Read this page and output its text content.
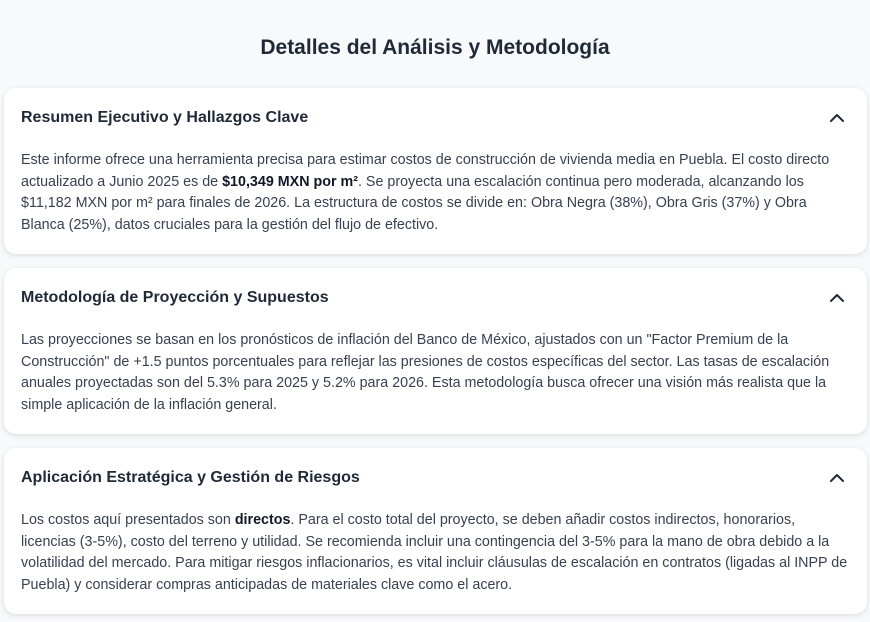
Detalles del Análisis y Metodología
Resumen Ejecutivo y Hallazgos Clave

Este informe ofrece una herramienta precisa para estimar costos de construcción de vivienda media en Puebla. El costo directo actualizado a Junio 2025 es de $10,349 MXN por m². Se proyecta una escalación continua pero moderada, alcanzando los $11,182 MXN por m² para finales de 2026. La estructura de costos se divide en: Obra Negra (38%), Obra Gris (37%) y Obra Blanca (25%), datos cruciales para la gestión del flujo de efectivo.

Metodología de Proyección y Supuestos

Las proyecciones se basan en los pronósticos de inflación del Banco de México, ajustados con un "Factor Premium de la Construcción" de +1.5 puntos porcentuales para reflejar las presiones de costos específicas del sector. Las tasas de escalación anuales proyectadas son del 5.3% para 2025 y 5.2% para 2026. Esta metodología busca ofrecer una visión más realista que la simple aplicación de la inflación general.

Aplicación Estratégica y Gestión de Riesgos

Los costos aquí presentados son directos. Para el costo total del proyecto, se deben añadir costos indirectos, honorarios, licencias (3-5%), costo del terreno y utilidad. Se recomienda incluir una contingencia del 3-5% para la mano de obra debido a la volatilidad del mercado. Para mitigar riesgos inflacionarios, es vital incluir cláusulas de escalación en contratos (ligadas al INPP de Puebla) y considerar compras anticipadas de materiales clave como el acero.
